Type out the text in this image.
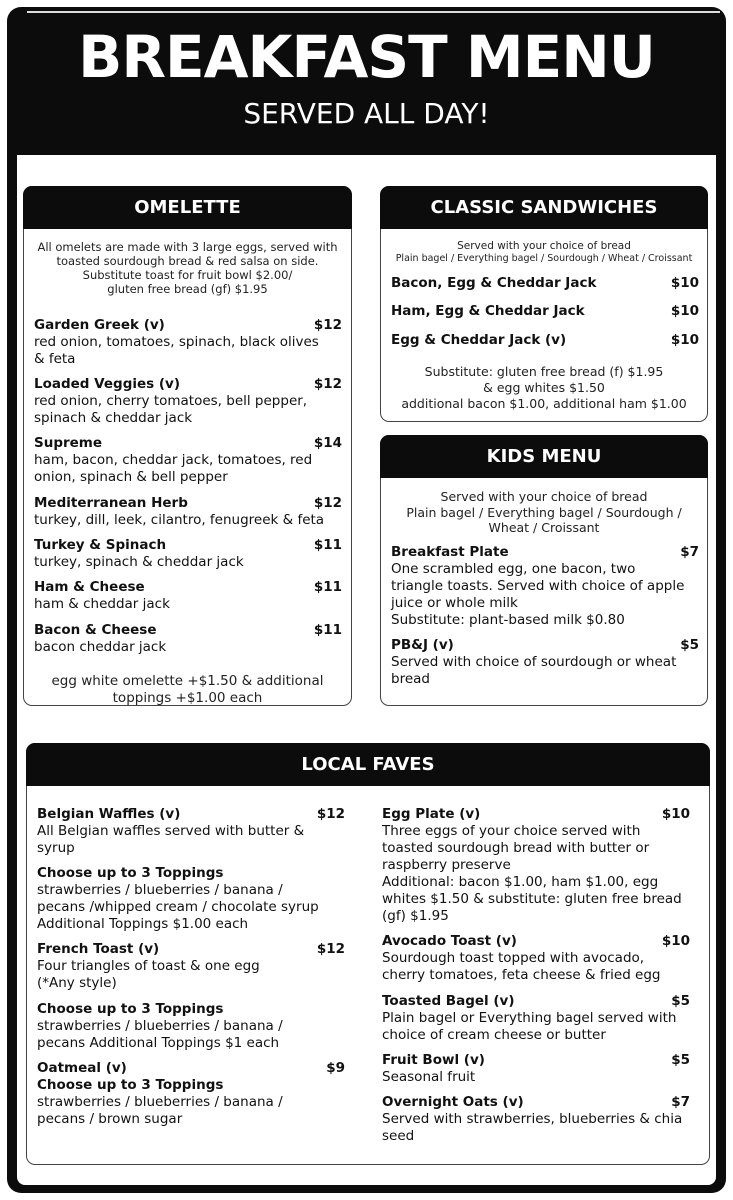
BREAKFAST MENU
SERVED ALL DAY!
OMELETTE
All omelets are made with 3 large eggs, served with
toasted sourdough bread & red salsa on side.
Substitute toast for fruit bowl $2.00/
gluten free bread (gf) $1.95
Garden Greek (v)	$12
red onion, tomatoes, spinach, black olives
& feta
Loaded Veggies (v)	$12
red onion, cherry tomatoes, bell pepper,
spinach & cheddar jack
Supreme	$14
ham, bacon, cheddar jack, tomatoes, red
onion, spinach & bell pepper
Mediterranean Herb	$12
turkey, dill, leek, cilantro, fenugreek & feta
Turkey & Spinach	$11
turkey, spinach & cheddar jack
Ham & Cheese	$11
ham & cheddar jack
Bacon & Cheese	$11
bacon cheddar jack
egg white omelette +$1.50 & additional
toppings +$1.00 each
CLASSIC SANDWICHES
Served with your choice of bread
Plain bagel / Everything bagel / Sourdough / Wheat / Croissant
Bacon, Egg & Cheddar Jack	$10
Ham, Egg & Cheddar Jack	$10
Egg & Cheddar Jack (v)	$10
Substitute: gluten free bread (f) $1.95
& egg whites $1.50
additional bacon $1.00, additional ham $1.00
KIDS MENU
Served with your choice of bread
Plain bagel / Everything bagel / Sourdough /
Wheat / Croissant
Breakfast Plate	$7
One scrambled egg, one bacon, two
triangle toasts. Served with choice of apple
juice or whole milk
Substitute: plant-based milk $0.80
PB&J (v)	$5
Served with choice of sourdough or wheat
bread
LOCAL FAVES
Belgian Waffles (v)	$12
All Belgian waffles served with butter &
syrup
Choose up to 3 Toppings
strawberries / blueberries / banana /
pecans /whipped cream / chocolate syrup
Additional Toppings $1.00 each
French Toast (v)	$12
Four triangles of toast & one egg
(*Any style)
Choose up to 3 Toppings
strawberries / blueberries / banana /
pecans Additional Toppings $1 each
Oatmeal (v)	$9
Choose up to 3 Toppings
strawberries / blueberries / banana /
pecans / brown sugar
Egg Plate (v)	$10
Three eggs of your choice served with
toasted sourdough bread with butter or
raspberry preserve
Additional: bacon $1.00, ham $1.00, egg
whites $1.50 & substitute: gluten free bread
(gf) $1.95
Avocado Toast (v)	$10
Sourdough toast topped with avocado,
cherry tomatoes, feta cheese & fried egg
Toasted Bagel (v)	$5
Plain bagel or Everything bagel served with
choice of cream cheese or butter
Fruit Bowl (v)	$5
Seasonal fruit
Overnight Oats (v)	$7
Served with strawberries, blueberries & chia
seed
